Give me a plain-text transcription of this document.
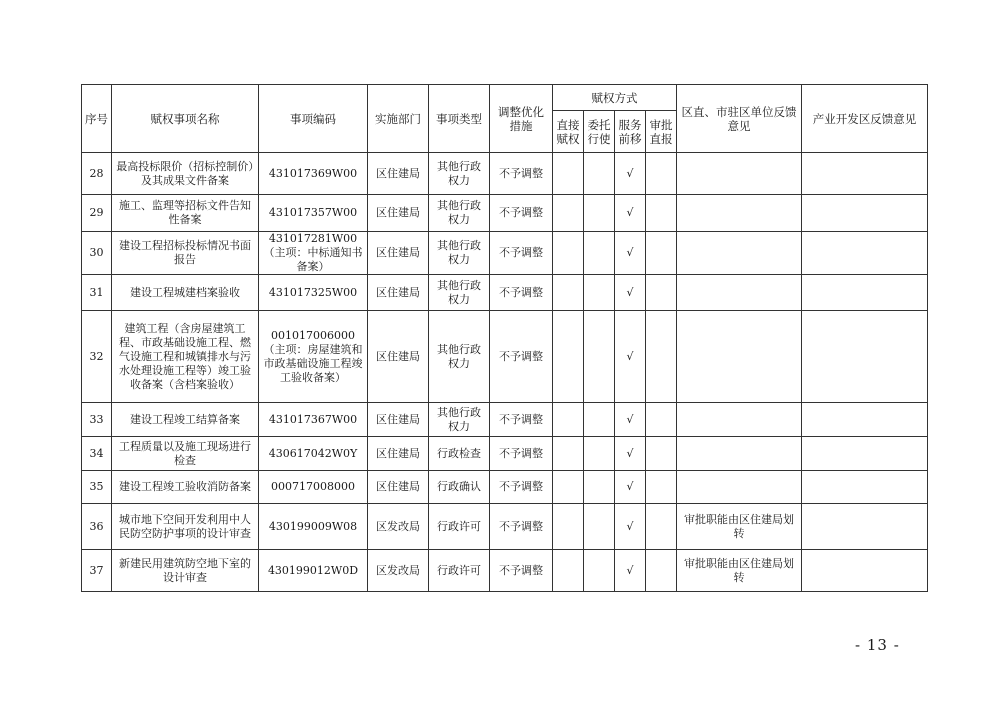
序号	赋权事项名称	事项编码	实施部门	事项类型	调整优化措施	赋权方式				区直、市驻区单位反馈意见	产业开发区反馈意见
						直接赋权	委托行使	服务前移	审批直报		
28	最高投标限价（招标控制价）及其成果文件备案	431017369W00	区住建局	其他行政权力	不予调整			√			
29	施工、监理等招标文件告知性备案	431017357W00	区住建局	其他行政权力	不予调整			√			
30	建设工程招标投标情况书面报告	431017281W00（主项：中标通知书备案）	区住建局	其他行政权力	不予调整			√			
31	建设工程城建档案验收	431017325W00	区住建局	其他行政权力	不予调整			√			
32	建筑工程（含房屋建筑工程、市政基础设施工程、燃气设施工程和城镇排水与污水处理设施工程等）竣工验收备案（含档案验收）	001017006000（主项：房屋建筑和市政基础设施工程竣工验收备案）	区住建局	其他行政权力	不予调整			√			
33	建设工程竣工结算备案	431017367W00	区住建局	其他行政权力	不予调整			√			
34	工程质量以及施工现场进行检查	430617042W0Y	区住建局	行政检查	不予调整			√			
35	建设工程竣工验收消防备案	000717008000	区住建局	行政确认	不予调整			√			
36	城市地下空间开发利用中人民防空防护事项的设计审查	430199009W08	区发改局	行政许可	不予调整			√		审批职能由区住建局划转	
37	新建民用建筑防空地下室的设计审查	430199012W0D	区发改局	行政许可	不予调整			√		审批职能由区住建局划转	
- 13 -
